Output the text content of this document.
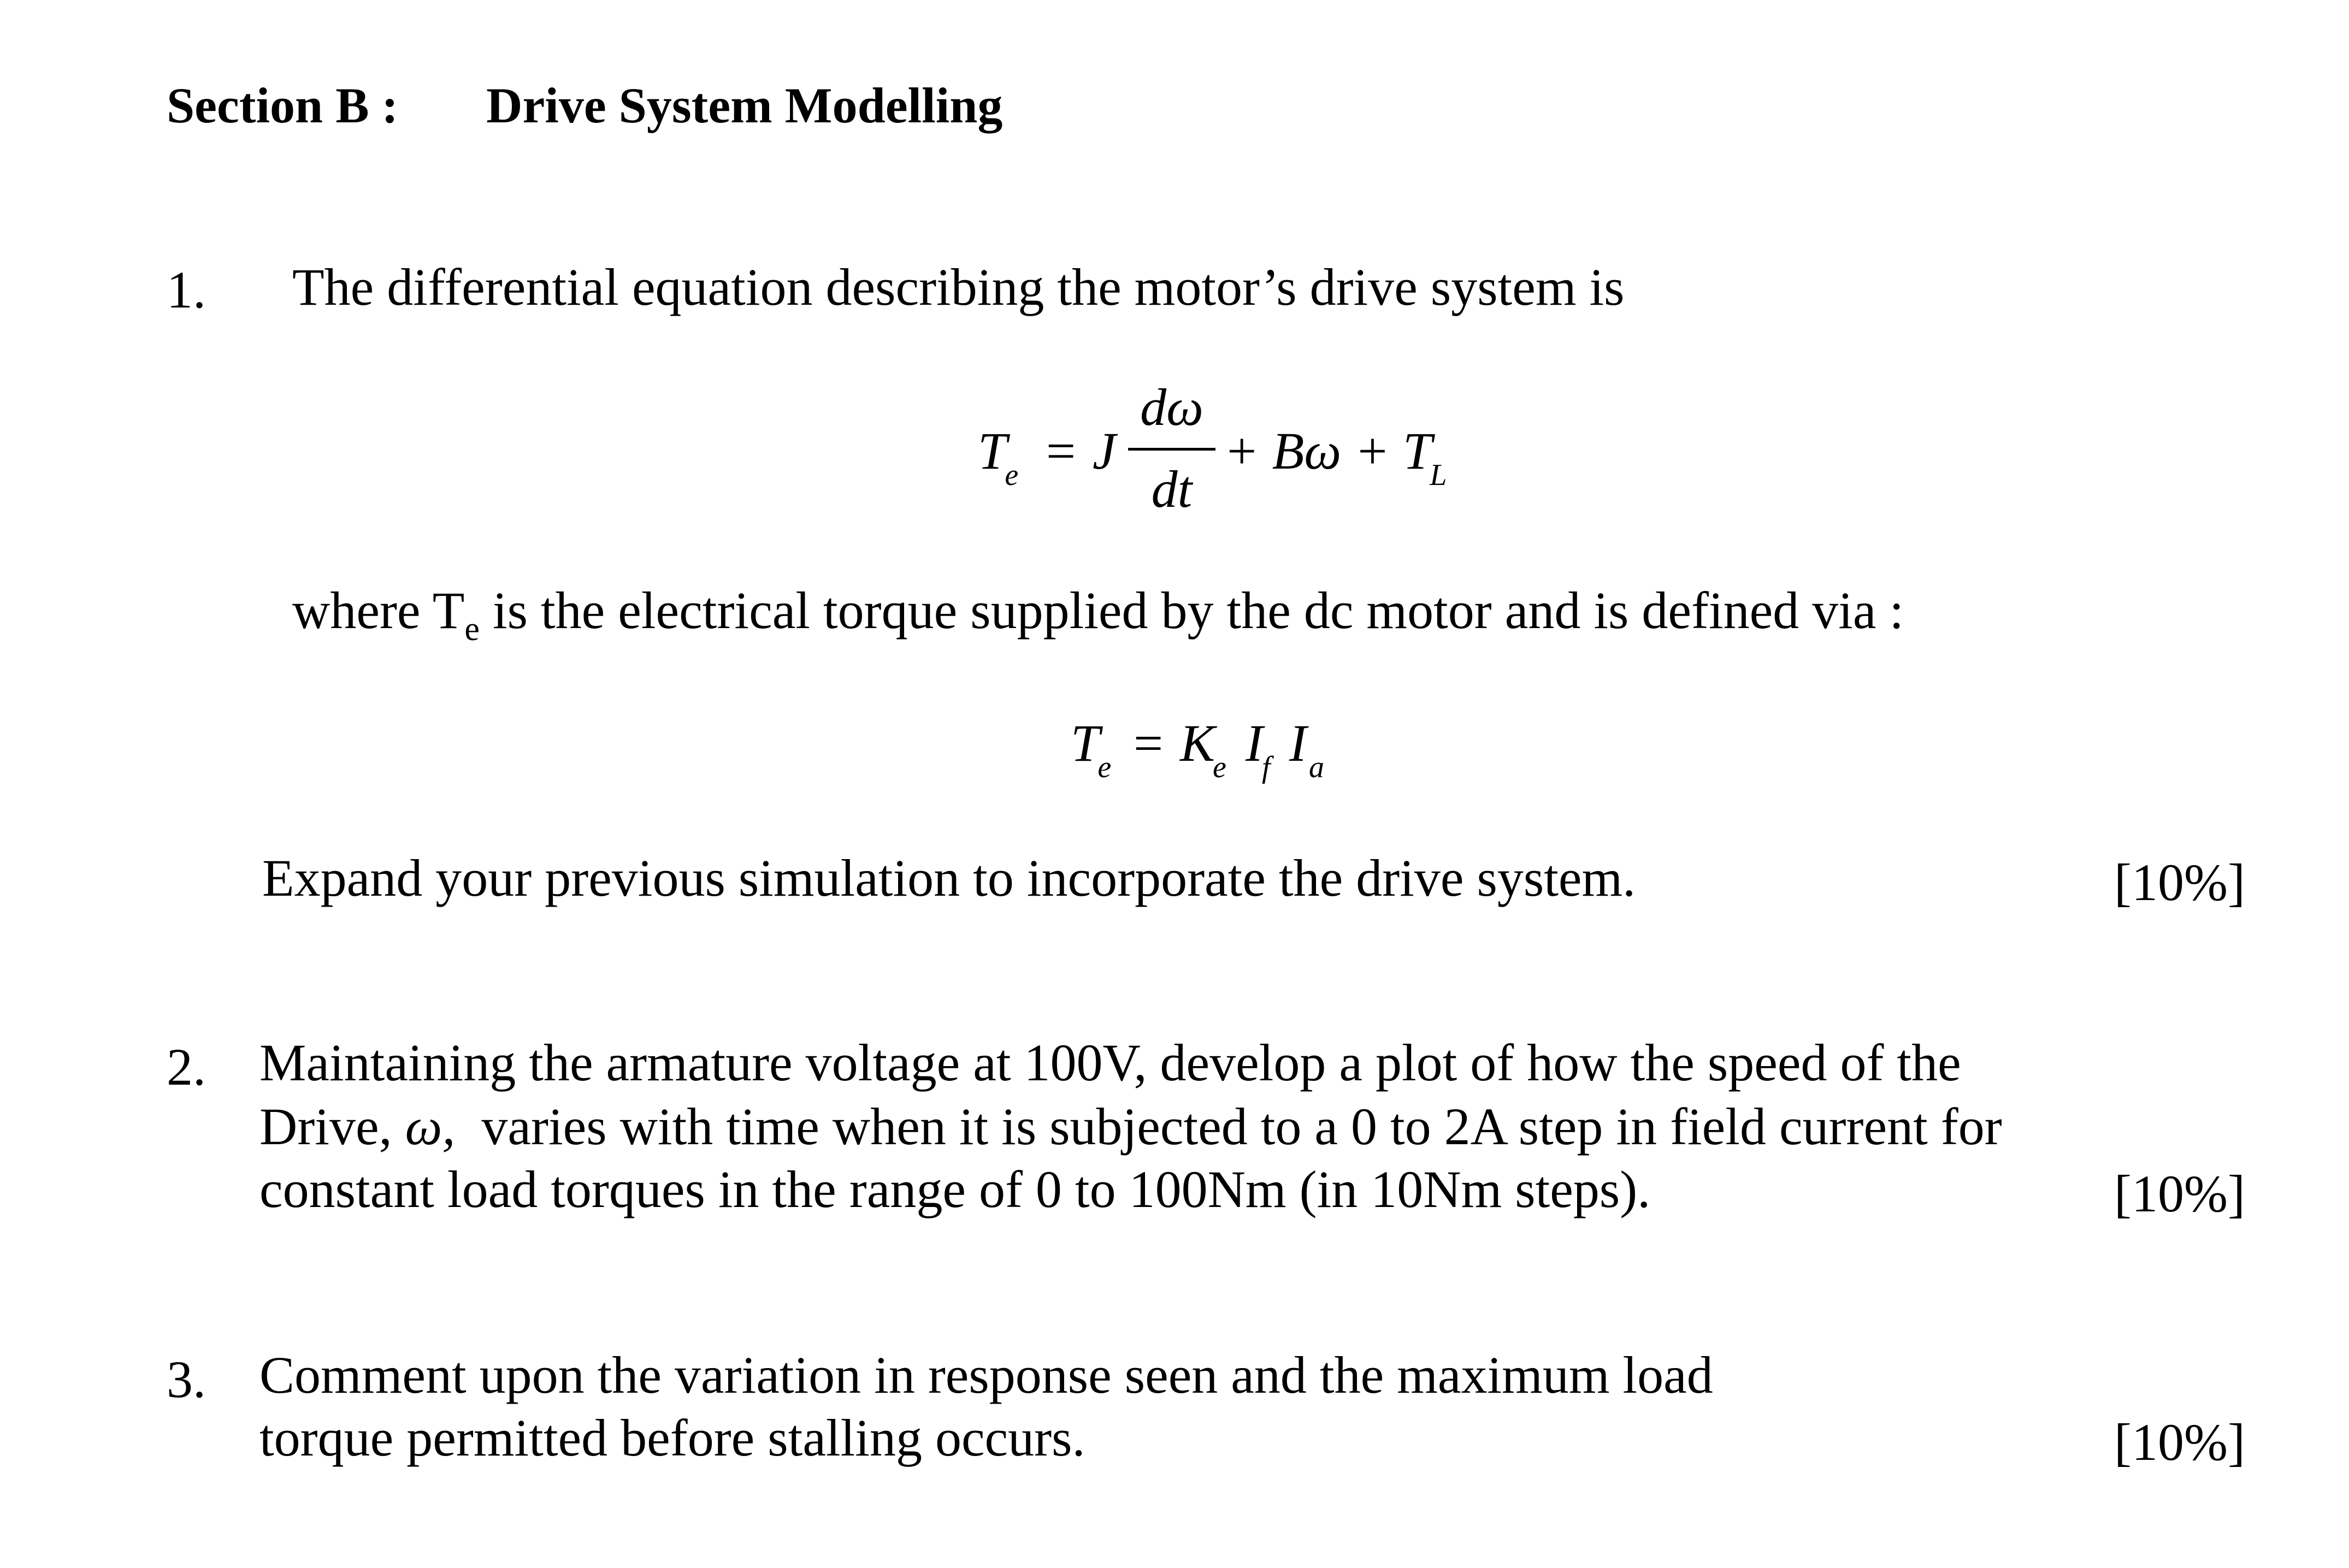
Section B : Drive System Modelling
1. The differential equation describing the motor’s drive system is
$T_e = J$
dω
dt
+ $B\omega + T_L$
where $T_e$ is the electrical torque supplied by the dc motor and is defined via :
$T_e = K_e$ $I_f$ $I_a$
Expand your previous simulation to incorporate the drive system.	[10%]
2. Maintaining the armature voltage at 100V, develop a plot of how the speed of the
Drive, ω,  varies with time when it is subjected to a 0 to 2A step in field current for
constant load torques in the range of 0 to 100Nm (in 10Nm steps).	[10%]
3. Comment upon the variation in response seen and the maximum load
torque permitted before stalling occurs.	[10%]
